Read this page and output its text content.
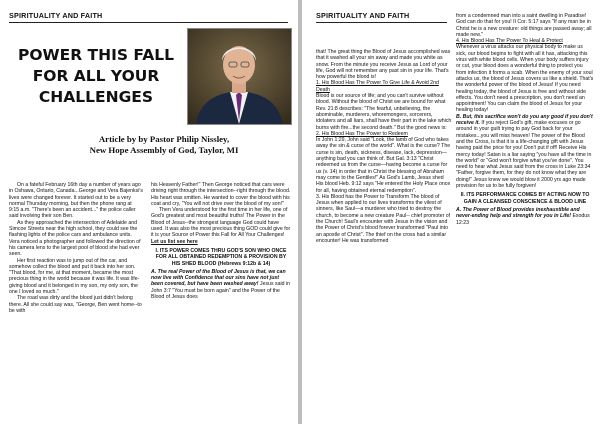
SPIRITUALITY AND FAITH
POWER THIS FALL
FOR ALL YOUR
CHALLENGES
Article by by Pastor Philip Nissley,
New Hope Assembly of God, Taylor, MI

On a fateful February 16th day a number of years ago in Oshawa, Ontario, Canada...George and Vera Bajenksi's lives were changed forever. It started out to be a very normal Thursday morning, but then the phone rang at 9:15 a.m. "There's been an accident..." the police caller said involving their son Ben.

As they approached the intersection of Adelaide and Simcoe Streets near the high school, they could see the flashing lights of the police cars and ambulance units. Vera noticed a photographer and followed the direction of his camera lens to the largest pool of blood she had ever seen.

Her first reaction was to jump out of the car, and somehow collect the blood and put it back into her son. "That blood, for me, at that moment, became the most precious thing in the world because it was life. It was life-giving blood and it belonged in my son, my only son, the one I loved so much."

The road was dirty and the blood just didn't belong there. All she could say was, "George, Ben went home--to be with

his Heavenly Father!" Then George noticed that cars were driving right through the intersection--right through the blood. His heart was smitten. He wanted to cover the blood with his coat and cry, "You will not drive over the blood of my son!"

Then Vera understood for the first time in her life, one of God's greatest and most beautiful truths! The Power in the Blood of Jesus--the strongest language God could have used. It was also the most precious thing GOD could give for it is your Source of Power this Fall for All Your Challenges!

Let us list see here

I. ITS POWER COMES THRU GOD'S SON WHO ONCE FOR ALL OBTAINED REDEMPTION & PROVISION BY HIS SHED BLOOD (Hebrews 9:12b & 14)

A. The real Power of the Blood of Jesus is that, we can now live with Confidence that our sins have not just been covered, but have been washed away! Jesus said in John 3:7 "You must be born again" and the Power of the Blood of Jesus does

SPIRITUALITY AND FAITH

that! The great thing the Blood of Jesus accomplished was that it washed all your sin away and made you white as snow. From the minute you receive Jesus as Lord of your life, God will not remember any past sin in your life. That's how powerful the blood is!

1. His Blood Has The Power To Give Life & Avoid 2nd Death

Blood is our source of life; and you can't survive without blood. Without the blood of Christ we are bound for what Rev. 21:8 describes: "The fearful, unbelieving, the abominable, murderers, whoremongers, sorcerers, idolaters and all liars, shall have their part in the lake which burns with fire...the second death." But the good news is:

2. His Blood Has The Power to Redeem

In John 1:29, John said "Look, the lamb of God who takes away the sin & curse of the world". What is the curse? The curse is sin, death, sickness, disease, lack, depression—anything bad you can think of. But Gal. 3:13 "Christ redeemed us from the curse—having become a curse for us (v. 14) in order that in Christ the blessing of Abraham may come to the Gentiles!" As God's Lamb, Jesus shed His blood Heb. 9:12 says "He entered the Holy Place once for all, having obtained eternal redemption".

3. His Blood has the Power to Transform The blood of Jesus when applied to our lives transforms the vilest of sinners, like Saul—a murderer who tried to destroy the church, to become a new creature Paul-- chief promoter of the Church! Saul's encounter with Jesus in the vision and the Power of Christ's blood forever transformed "Paul into an apostle of Christ". The thief on the cross had a similar encounter! He was transformed

from a condemned man into a saint dwelling in Paradise! God can do that for you! II Cor. 5:17 says "If any man be in Christ he is a new creature: old things are passed away; all made new."

4. His Blood Has The Power To Heal & Protect

Whenever a virus attacks our physical body to make us sick, our blood begins to fight with all it has, attacking this virus with white blood cells. When your body suffers injury or cut, your blood does a wonderful thing to protect you from infection it forms a scab. When the enemy of your soul attacks us, the blood of Jesus covers us like a shield. That's the wonderful power of the blood of Jesus! If you need healing today, the blood of Jesus is free and without side effects. You don't need a prescription, you don't need an appointment! You can claim the blood of Jesus for your healing today!

B. But, this sacrifice won't do you any good if you don't receive it. If you reject God's gift, make excuses or go around in your guilt trying to pay God back for your mistakes...you will miss heaven! The power of the Blood and the Cross, is that it is a life-changing gift with Jesus having paid the price for you! Don't put if off! Receive His mercy today! Satan is a liar saying "you have all the time in the world" or "God won't forgive what you've done". You need to hear what Jesus said from the cross in Luke 23:34 "Father, forgive them, for they do not know what they are doing!" Jesus knew we would blow it 2000 yrs ago made provision for us to be fully forgiven!

II. ITS PERFORMANCE COMES BY ACTING NOW TO GAIN A CLEANSED CONSCIENCE & BLOOD LINE

A. The Power of Blood provides inexhaustible and never-ending help and strength for you in Life! Exodus 12:23
